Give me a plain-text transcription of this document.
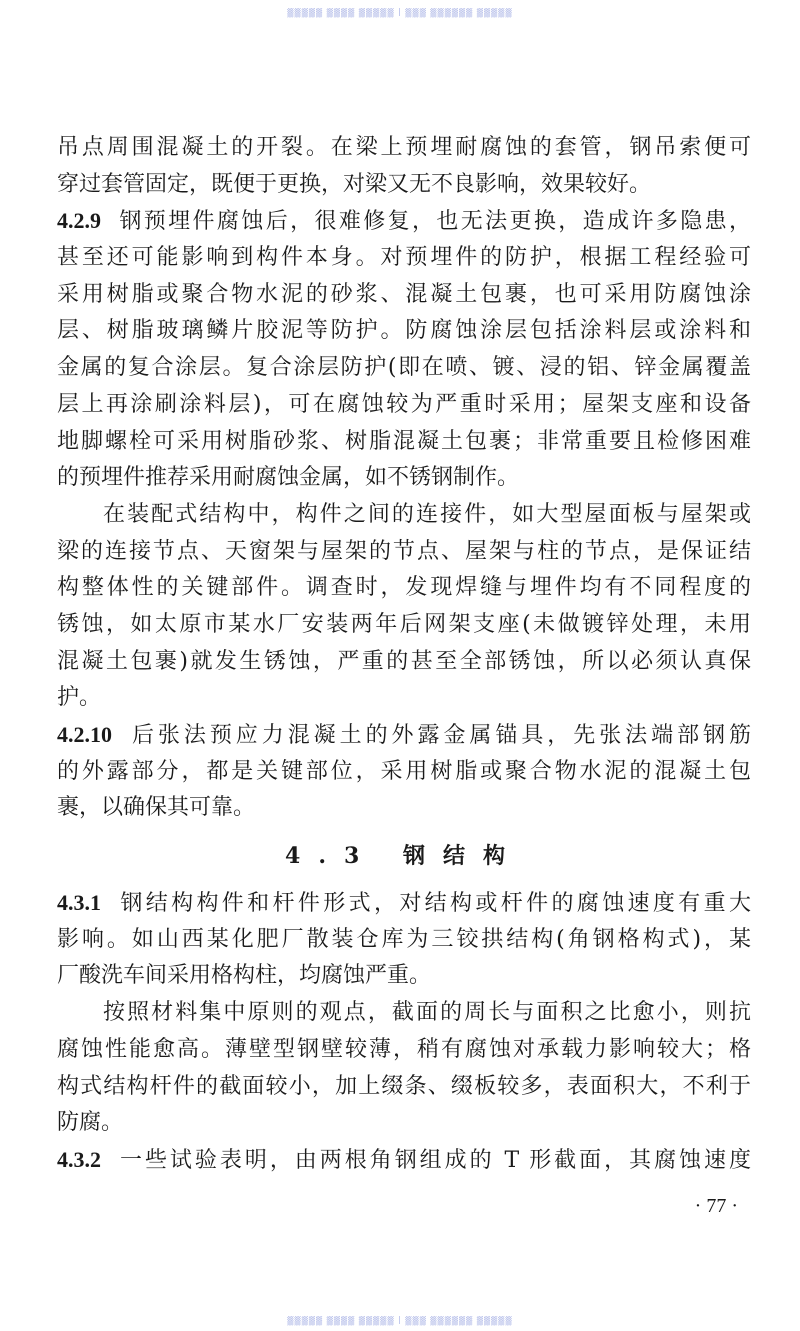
▒▒▒▒▒ ▒▒▒▒ ▒▒▒▒▒ | ▒▒▒ ▒▒▒▒▒▒ ▒▒▒▒▒
吊点周围混凝土的开裂。在梁上预埋耐腐蚀的套管，钢吊索便可
穿过套管固定，既便于更换，对梁又无不良影响，效果较好。
4.2.9 钢预埋件腐蚀后，很难修复，也无法更换，造成许多隐患，
甚至还可能影响到构件本身。对预埋件的防护，根据工程经验可
采用树脂或聚合物水泥的砂浆、混凝土包裹，也可采用防腐蚀涂
层、树脂玻璃鳞片胶泥等防护。防腐蚀涂层包括涂料层或涂料和
金属的复合涂层。复合涂层防护(即在喷、镀、浸的铝、锌金属覆盖
层上再涂刷涂料层)，可在腐蚀较为严重时采用；屋架支座和设备
地脚螺栓可采用树脂砂浆、树脂混凝土包裹；非常重要且检修困难
的预埋件推荐采用耐腐蚀金属，如不锈钢制作。
在装配式结构中，构件之间的连接件，如大型屋面板与屋架或
梁的连接节点、天窗架与屋架的节点、屋架与柱的节点，是保证结
构整体性的关键部件。调查时，发现焊缝与埋件均有不同程度的
锈蚀，如太原市某水厂安装两年后网架支座(未做镀锌处理，未用
混凝土包裹)就发生锈蚀，严重的甚至全部锈蚀，所以必须认真保
护。
4.2.10 后张法预应力混凝土的外露金属锚具，先张法端部钢筋
的外露部分，都是关键部位，采用树脂或聚合物水泥的混凝土包
裹，以确保其可靠。
4.3 钢结构
4.3.1 钢结构构件和杆件形式，对结构或杆件的腐蚀速度有重大
影响。如山西某化肥厂散装仓库为三铰拱结构(角钢格构式)，某
厂酸洗车间采用格构柱，均腐蚀严重。
按照材料集中原则的观点，截面的周长与面积之比愈小，则抗
腐蚀性能愈高。薄壁型钢壁较薄，稍有腐蚀对承载力影响较大；格
构式结构杆件的截面较小，加上缀条、缀板较多，表面积大，不利于
防腐。
4.3.2 一些试验表明，由两根角钢组成的 T 形截面，其腐蚀速度
· 77 ·
▒▒▒▒▒ ▒▒▒▒ ▒▒▒▒▒ | ▒▒▒ ▒▒▒▒▒▒ ▒▒▒▒▒
